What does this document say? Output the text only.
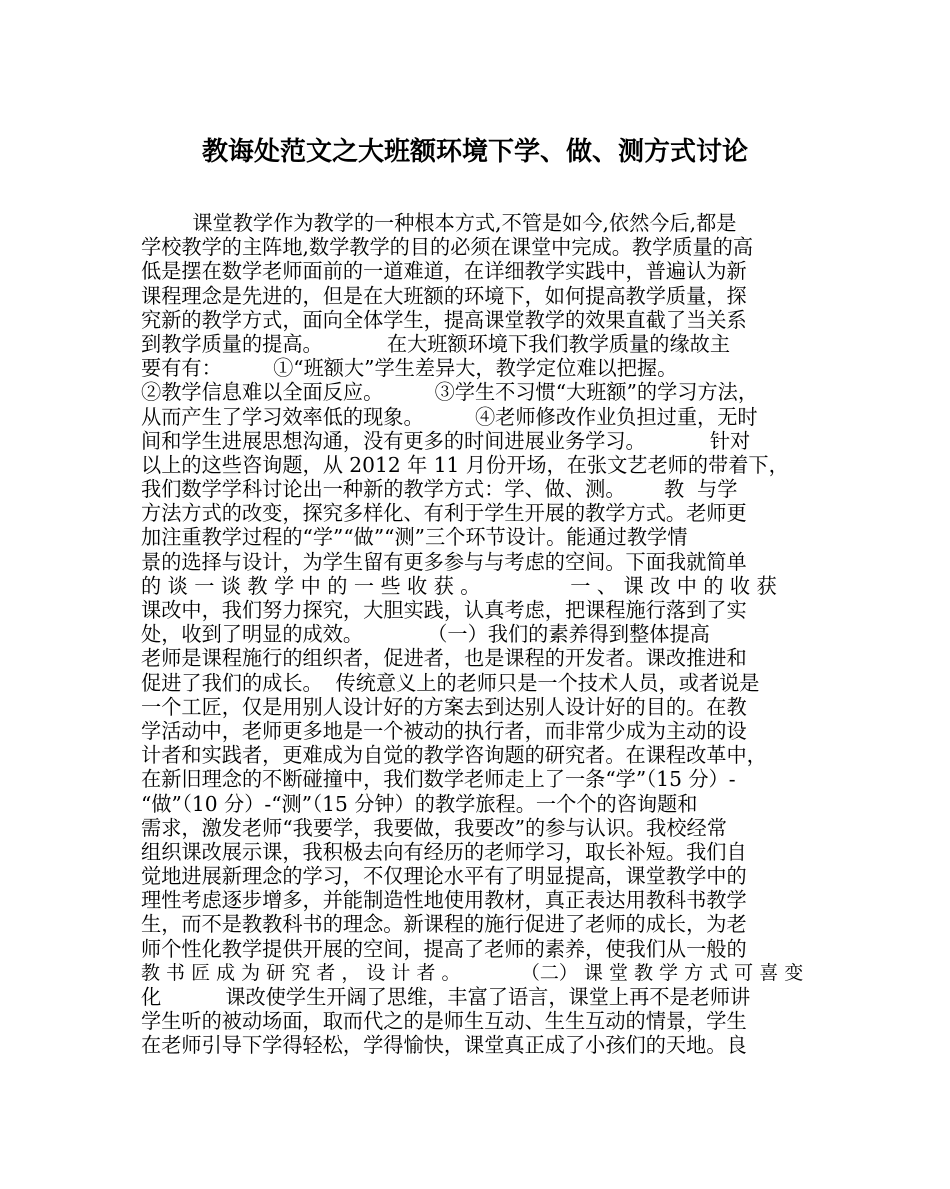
教诲处范文之大班额环境下学、做、测方式讨论
课堂教学作为教学的一种根本方式,不管是如今,依然今后,都是
学校教学的主阵地,数学教学的目的必须在课堂中完成。教学质量的高
低是摆在数学老师面前的一道难道，在详细教学实践中，普遍认为新
课程理念是先进的，但是在大班额的环境下，如何提高教学质量，探
究新的教学方式，面向全体学生，提高课堂教学的效果直截了当关系
到教学质量的提高。          在大班额环境下我们教学质量的缘故主
要有有：        ①“班额大”学生差异大，教学定位难以把握。
②教学信息难以全面反应。        ③学生不习惯“大班额”的学习方法，
从而产生了学习效率低的现象。        ④老师修改作业负担过重，无时
间和学生进展思想沟通，没有更多的时间进展业务学习。          针对
以上的这些咨询题，从 2012 年 11 月份开场，在张文艺老师的带着下，
我们数学学科讨论出一种新的教学方式：学、做、测。      教  与学
方法方式的改变，探究多样化、有利于学生开展的教学方式。老师更
加注重教学过程的“学”“做”“测”三个环节设计。能通过教学情
景的选择与设计，为学生留有更多参与与考虑的空间。下面我就简单
的 谈 一 谈 教 学 中 的 一 些 收 获 。              一 、 课 改 中 的 收 获
课改中，我们努力探究，大胆实践，认真考虑，把课程施行落到了实
处，收到了明显的成效。          （一）我们的素养得到整体提高
老师是课程施行的组织者，促进者，也是课程的开发者。课改推进和
促进了我们的成长。  传统意义上的老师只是一个技术人员，或者说是
一个工匠，仅是用别人设计好的方案去到达别人设计好的目的。在教
学活动中，老师更多地是一个被动的执行者，而非常少成为主动的设
计者和实践者，更难成为自觉的教学咨询题的研究者。在课程改革中，
在新旧理念的不断碰撞中，我们数学老师走上了一条“学”（15 分）-
“做”（10 分）-“测”（15 分钟）的教学旅程。一个个的咨询题和
需求，激发老师“我要学，我要做，我要改”的参与认识。我校经常
组织课改展示课，我积极去向有经历的老师学习，取长补短。我们自
觉地进展新理念的学习，不仅理论水平有了明显提高，课堂教学中的
理性考虑逐步增多，并能制造性地使用教材，真正表达用教科书教学
生，而不是教教科书的理念。新课程的施行促进了老师的成长，为老
师个性化教学提供开展的空间，提高了老师的素养，使我们从一般的
教 书 匠 成 为 研 究 者 ， 设 计 者 。          （二） 课 堂 教 学 方 式 可 喜 变
化          课改使学生开阔了思维，丰富了语言，课堂上再不是老师讲
学生听的被动场面，取而代之的是师生互动、生生互动的情景，学生
在老师引导下学得轻松，学得愉快，课堂真正成了小孩们的天地。良
